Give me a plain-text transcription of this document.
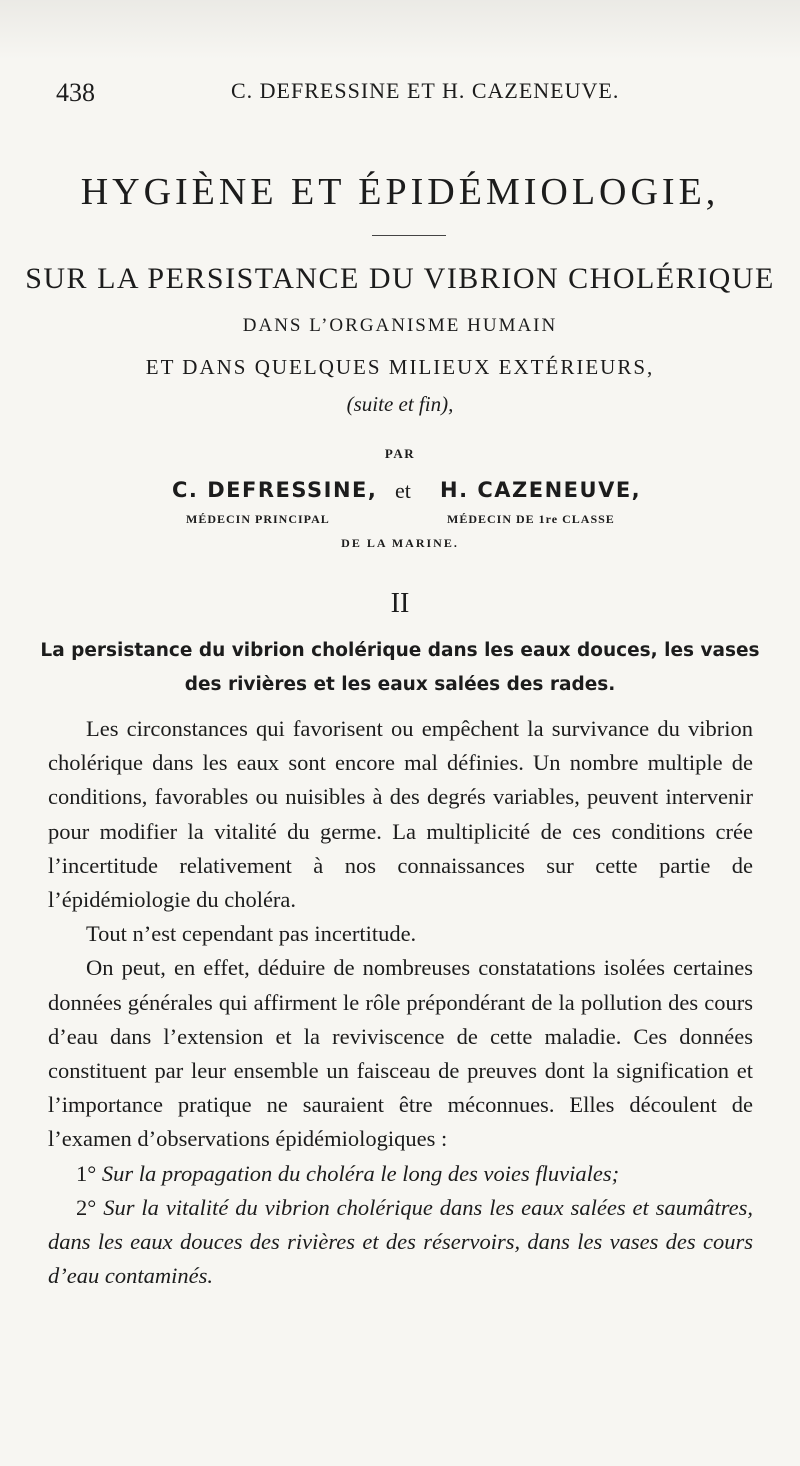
438	C. DEFRESSINE ET H. CAZENEUVE.
HYGIÈNE ET ÉPIDÉMIOLOGIE,
SUR LA PERSISTANCE DU VIBRION CHOLÉRIQUE
DANS L’ORGANISME HUMAIN
ET DANS QUELQUES MILIEUX EXTÉRIEURS,
(suite et fin),
PAR
C. DEFRESSINE, et H. CAZENEUVE,
MÉDECIN PRINCIPAL	MÉDECIN DE 1re CLASSE
DE LA MARINE.
II
La persistance du vibrion cholérique dans les eaux douces, les vases des rivières et les eaux salées des rades.

Les circonstances qui favorisent ou empêchent la survivance du vibrion cholérique dans les eaux sont encore mal définies. Un nombre multiple de conditions, favorables ou nuisibles à des degrés variables, peuvent intervenir pour modifier la vitalité du germe. La multiplicité de ces conditions crée l’incertitude relativement à nos connaissances sur cette partie de l’épidémiologie du choléra.

Tout n’est cependant pas incertitude.

On peut, en effet, déduire de nombreuses constatations isolées certaines données générales qui affirment le rôle prépondérant de la pollution des cours d’eau dans l’extension et la reviviscence de cette maladie. Ces données constituent par leur ensemble un faisceau de preuves dont la signification et l’importance pratique ne sauraient être méconnues. Elles découlent de l’examen d’observations épidémiologiques :

1° Sur la propagation du choléra le long des voies fluviales;

2° Sur la vitalité du vibrion cholérique dans les eaux salées et saumâtres, dans les eaux douces des rivières et des réservoirs, dans les vases des cours d’eau contaminés.
